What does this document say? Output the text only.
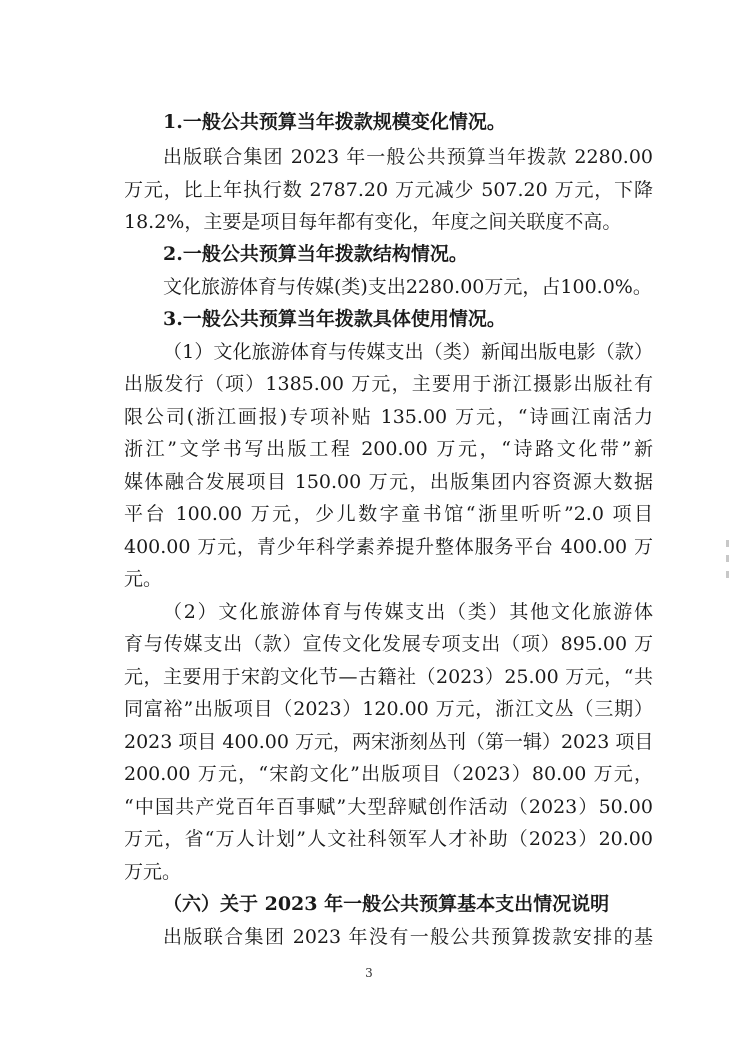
1.一般公共预算当年拨款规模变化情况。

出版联合集团 2023 年一般公共预算当年拨款 2280.00

万元，比上年执行数 2787.20 万元减少 507.20 万元，下降

18.2%，主要是项目每年都有变化，年度之间关联度不高。

2.一般公共预算当年拨款结构情况。

文化旅游体育与传媒(类)支出2280.00万元，占100.0%。

3.一般公共预算当年拨款具体使用情况。

（1）文化旅游体育与传媒支出（类）新闻出版电影（款）

出版发行（项）1385.00 万元，主要用于浙江摄影出版社有

限公司(浙江画报)专项补贴 135.00 万元，“诗画江南活力

浙江”文学书写出版工程 200.00 万元，“诗路文化带”新

媒体融合发展项目 150.00 万元，出版集团内容资源大数据

平台 100.00 万元，少儿数字童书馆“浙里听听”2.0 项目

400.00 万元，青少年科学素养提升整体服务平台 400.00 万

元。

（2）文化旅游体育与传媒支出（类）其他文化旅游体

育与传媒支出（款）宣传文化发展专项支出（项）895.00 万

元，主要用于宋韵文化节—古籍社（2023）25.00 万元，“共

同富裕”出版项目（2023）120.00 万元，浙江文丛（三期）

2023 项目 400.00 万元，两宋浙刻丛刊（第一辑）2023 项目

200.00 万元，“宋韵文化”出版项目（2023）80.00 万元，

“中国共产党百年百事赋”大型辞赋创作活动（2023）50.00

万元，省“万人计划”人文社科领军人才补助（2023）20.00

万元。

（六）关于 2023 年一般公共预算基本支出情况说明

出版联合集团 2023 年没有一般公共预算拨款安排的基

3
